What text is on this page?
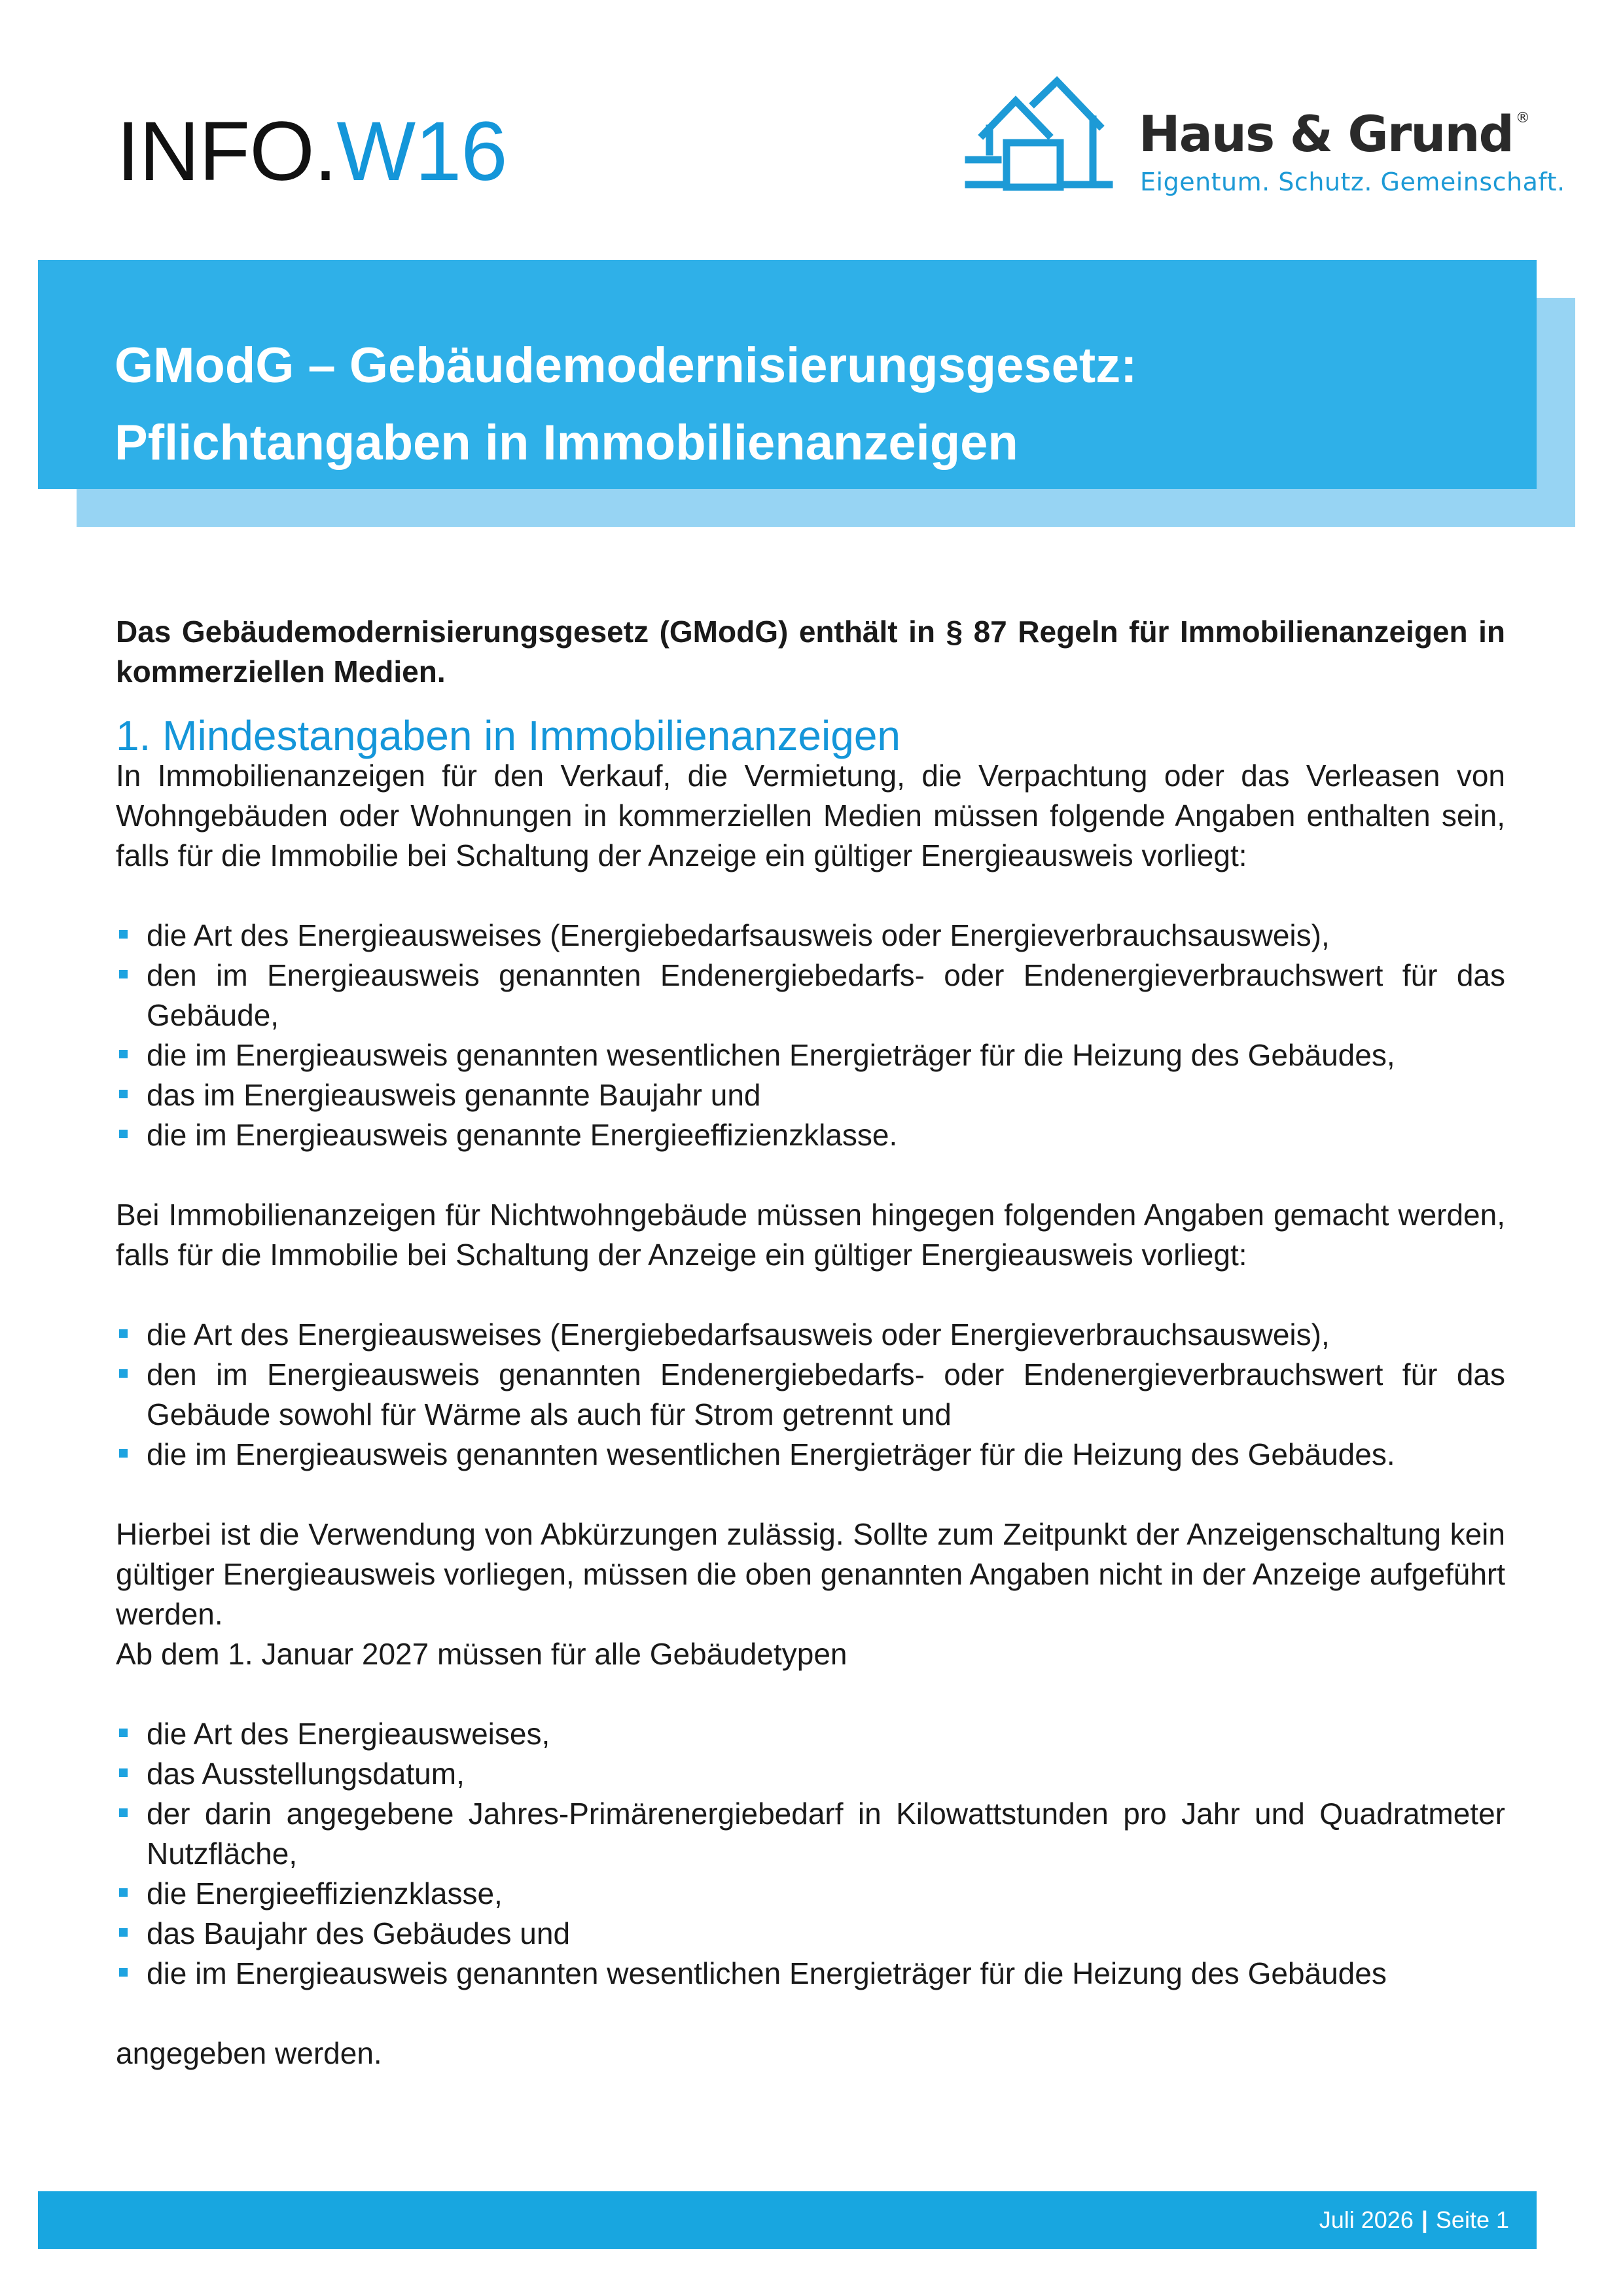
INFO.W16	Haus & Grund ®
Eigentum. Schutz. Gemeinschaft.
GModG – Gebäudemodernisierungsgesetz:
Pflichtangaben in Immobilienanzeigen

Das Gebäudemodernisierungsgesetz (GModG) enthält in § 87 Regeln für Immobilienanzeigen in kommerziellen Medien.

1. Mindestangaben in Immobilienanzeigen

In Immobilienanzeigen für den Verkauf, die Vermietung, die Verpachtung oder das Verleasen von Wohngebäuden oder Wohnungen in kommerziellen Medien müssen folgende Angaben enthalten sein, falls für die Immobilie bei Schaltung der Anzeige ein gültiger Energieausweis vorliegt:

die Art des Energieausweises (Energiebedarfsausweis oder Energieverbrauchsausweis),
den im Energieausweis genannten Endenergiebedarfs- oder Endenergieverbrauchswert für das Gebäude,
die im Energieausweis genannten wesentlichen Energieträger für die Heizung des Gebäudes,
das im Energieausweis genannte Baujahr und
die im Energieausweis genannte Energieeffizienzklasse.

Bei Immobilienanzeigen für Nichtwohngebäude müssen hingegen folgenden Angaben gemacht werden, falls für die Immobilie bei Schaltung der Anzeige ein gültiger Energieausweis vorliegt:

die Art des Energieausweises (Energiebedarfsausweis oder Energieverbrauchsausweis),
den im Energieausweis genannten Endenergiebedarfs- oder Endenergieverbrauchswert für das Gebäude sowohl für Wärme als auch für Strom getrennt und
die im Energieausweis genannten wesentlichen Energieträger für die Heizung des Gebäudes.

Hierbei ist die Verwendung von Abkürzungen zulässig. Sollte zum Zeitpunkt der Anzeigenschaltung kein gültiger Energieausweis vorliegen, müssen die oben genannten Angaben nicht in der Anzeige aufgeführt werden.

Ab dem 1. Januar 2027 müssen für alle Gebäudetypen

die Art des Energieausweises,
das Ausstellungsdatum,
der darin angegebene Jahres-Primärenergiebedarf in Kilowattstunden pro Jahr und Quadratmeter Nutzfläche,
die Energieeffizienzklasse,
das Baujahr des Gebäudes und
die im Energieausweis genannten wesentlichen Energieträger für die Heizung des Gebäudes

angegeben werden.

Juli 2026 | Seite 1
